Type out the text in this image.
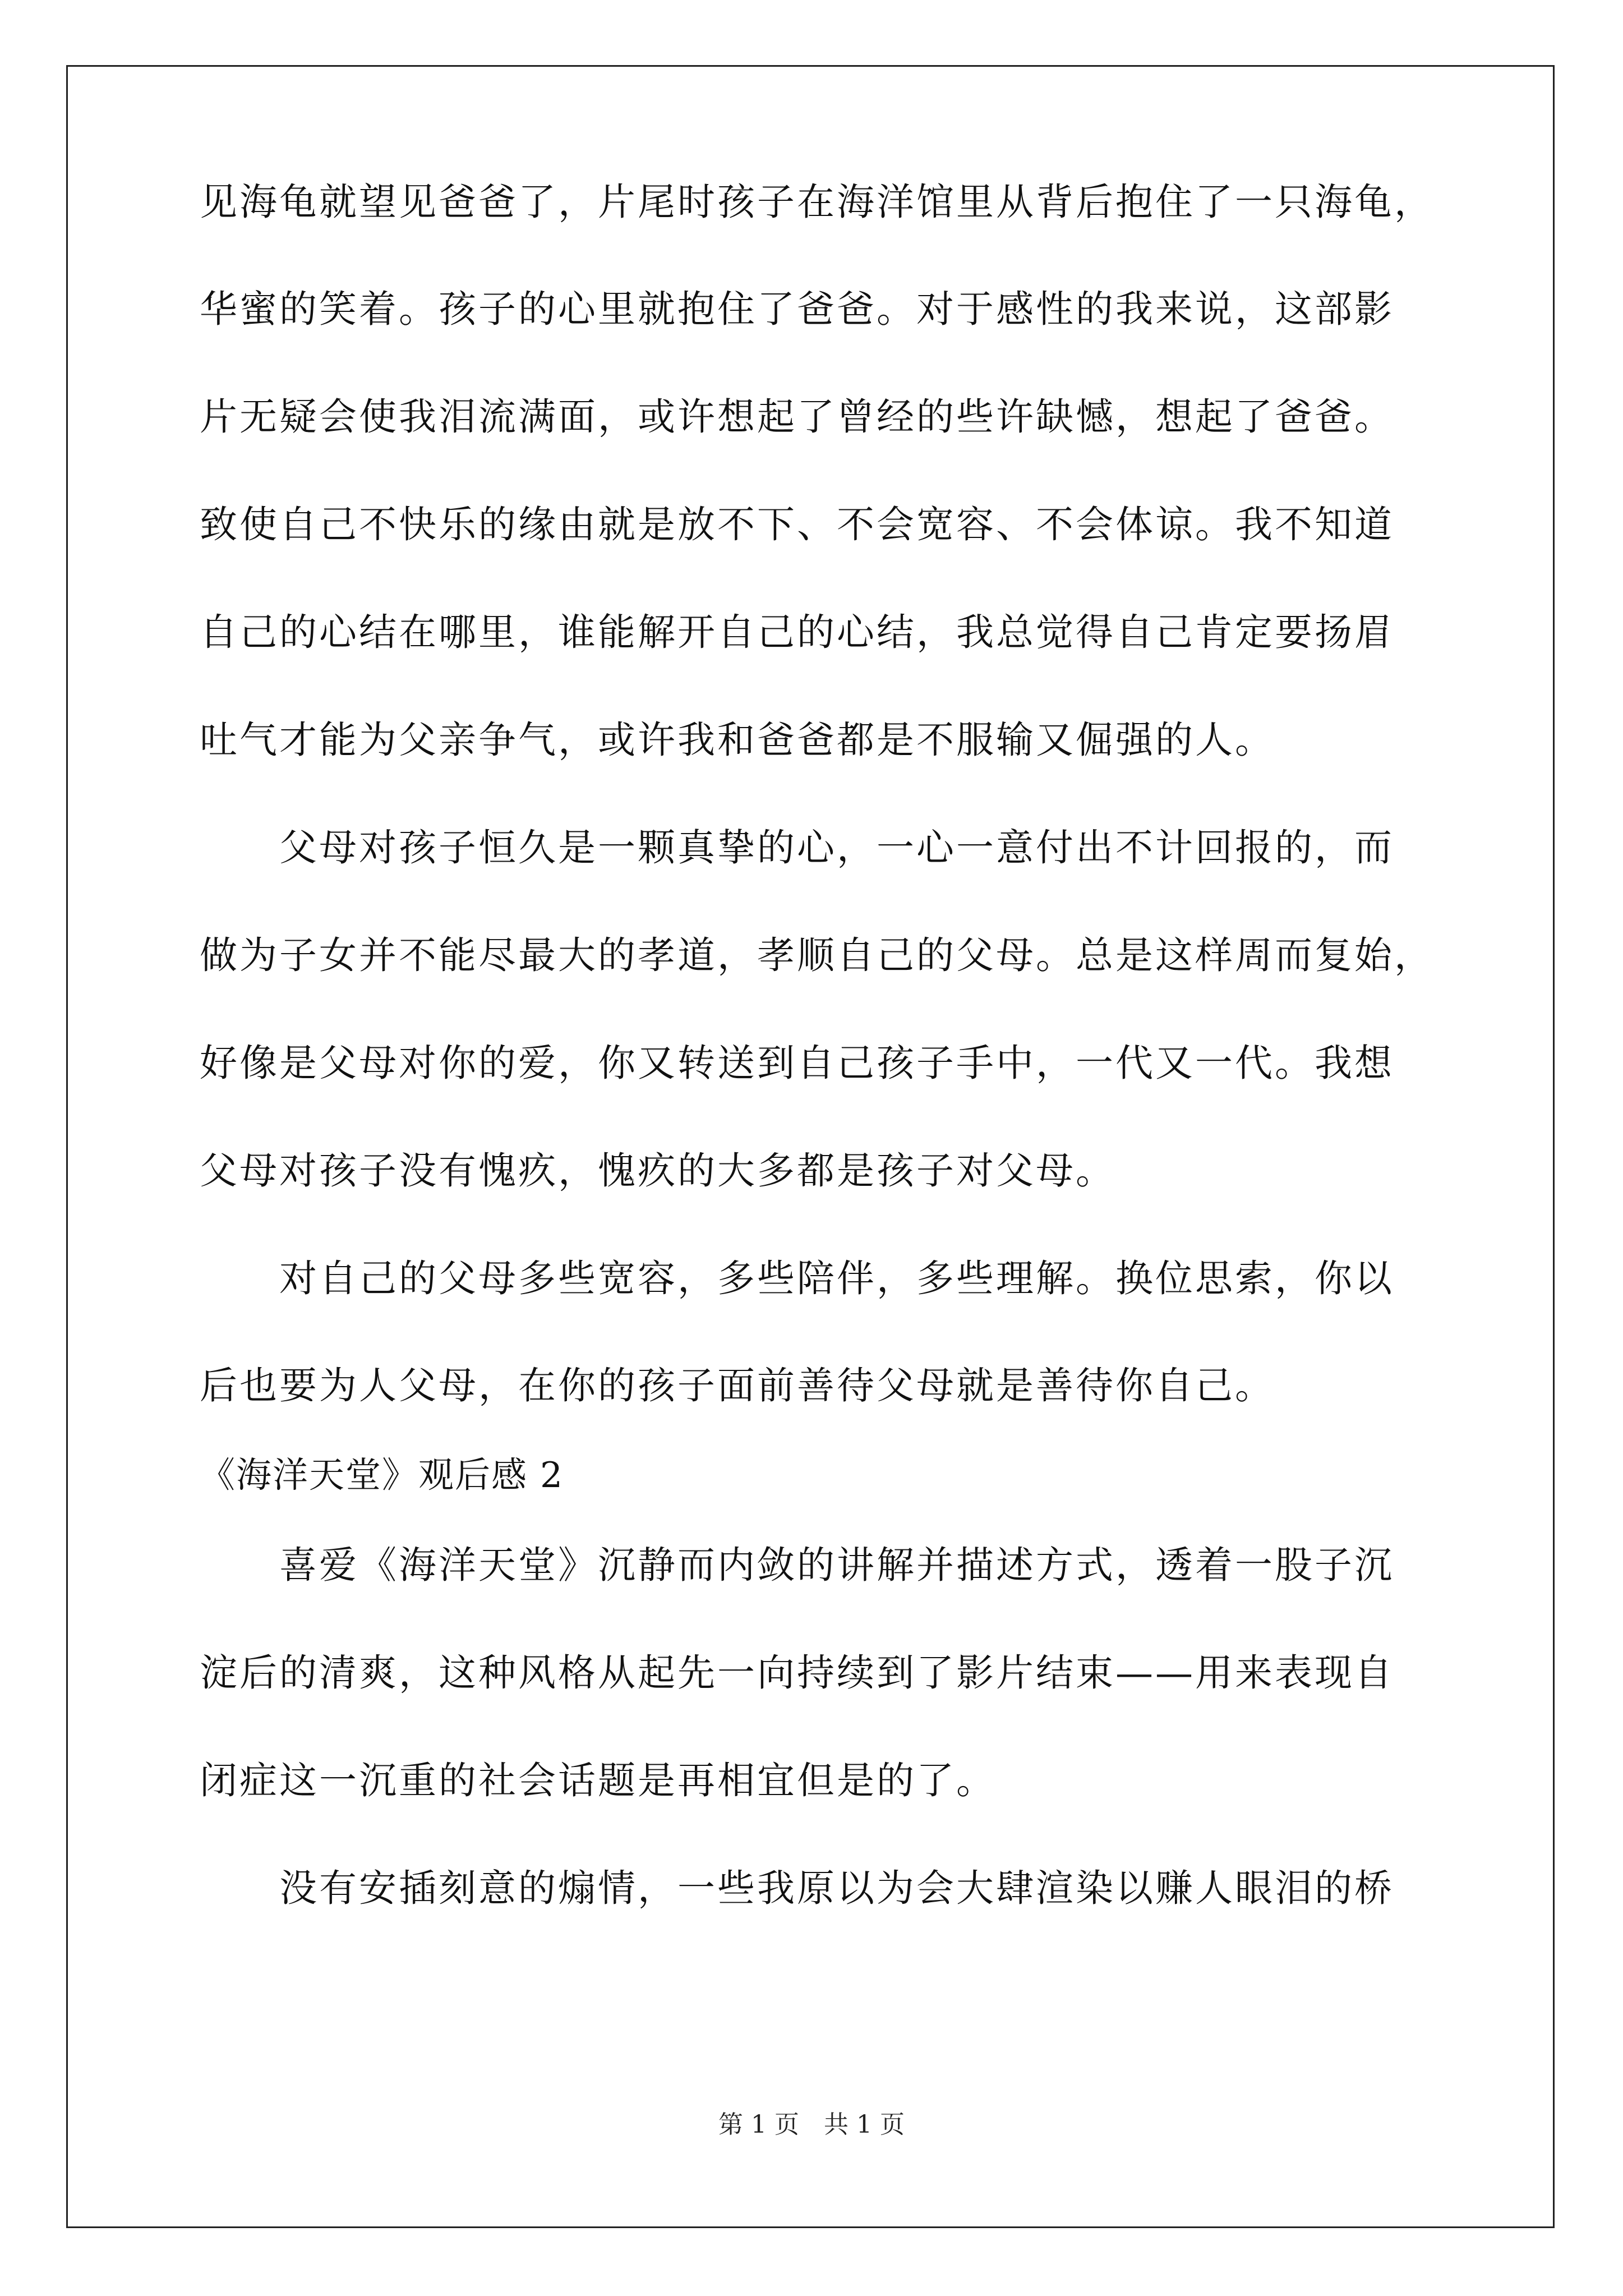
见海龟就望见爸爸了，片尾时孩子在海洋馆里从背后抱住了一只海龟，
华蜜的笑着。孩子的心里就抱住了爸爸。对于感性的我来说，这部影
片无疑会使我泪流满面，或许想起了曾经的些许缺憾，想起了爸爸。
致使自己不快乐的缘由就是放不下、不会宽容、不会体谅。我不知道
自己的心结在哪里，谁能解开自己的心结，我总觉得自己肯定要扬眉
吐气才能为父亲争气，或许我和爸爸都是不服输又倔强的人。
　　父母对孩子恒久是一颗真挚的心，一心一意付出不计回报的，而
做为子女并不能尽最大的孝道，孝顺自己的父母。总是这样周而复始，
好像是父母对你的爱，你又转送到自己孩子手中，一代又一代。我想
父母对孩子没有愧疚，愧疚的大多都是孩子对父母。
　　对自己的父母多些宽容，多些陪伴，多些理解。换位思索，你以
后也要为人父母，在你的孩子面前善待父母就是善待你自己。
《海洋天堂》观后感 2
　　喜爱《海洋天堂》沉静而内敛的讲解并描述方式，透着一股子沉
淀后的清爽，这种风格从起先一向持续到了影片结束——用来表现自
闭症这一沉重的社会话题是再相宜但是的了。
　　没有安插刻意的煽情，一些我原以为会大肆渲染以赚人眼泪的桥
第 1 页　共 1 页
